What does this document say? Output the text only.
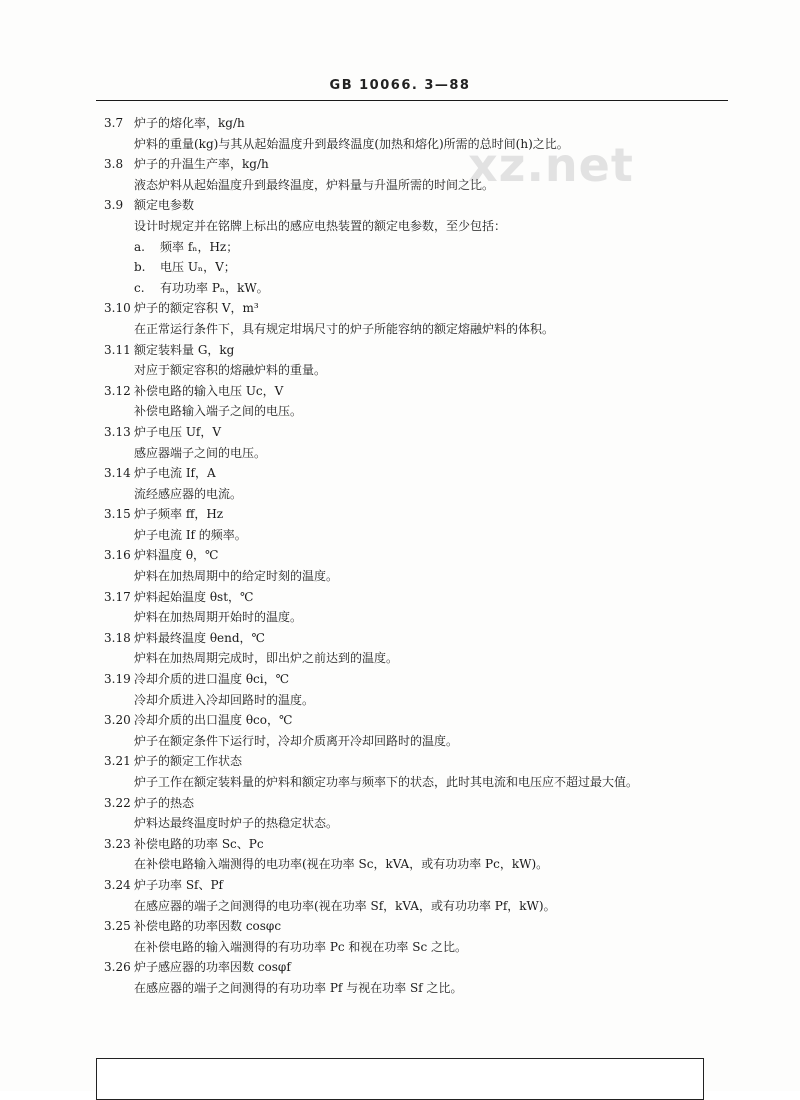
xz.net
GB 10066. 3—88
3.7 炉子的熔化率，kg/h
炉料的重量(kg)与其从起始温度升到最终温度(加热和熔化)所需的总时间(h)之比。
3.8 炉子的升温生产率，kg/h
液态炉料从起始温度升到最终温度，炉料量与升温所需的时间之比。
3.9 额定电参数
设计时规定并在铭牌上标出的感应电热装置的额定电参数，至少包括：
a. 频率 fₙ，Hz；
b. 电压 Uₙ，V；
c. 有功功率 Pₙ，kW。
3.10 炉子的额定容积 V，m³
在正常运行条件下，具有规定坩埚尺寸的炉子所能容纳的额定熔融炉料的体积。
3.11 额定装料量 G，kg
对应于额定容积的熔融炉料的重量。
3.12 补偿电路的输入电压 Uc，V
补偿电路输入端子之间的电压。
3.13 炉子电压 Uf，V
感应器端子之间的电压。
3.14 炉子电流 If，A
流经感应器的电流。
3.15 炉子频率 ff，Hz
炉子电流 If 的频率。
3.16 炉料温度 θ，℃
炉料在加热周期中的给定时刻的温度。
3.17 炉料起始温度 θst，℃
炉料在加热周期开始时的温度。
3.18 炉料最终温度 θend，℃
炉料在加热周期完成时，即出炉之前达到的温度。
3.19 冷却介质的进口温度 θci，℃
冷却介质进入冷却回路时的温度。
3.20 冷却介质的出口温度 θco，℃
炉子在额定条件下运行时，冷却介质离开冷却回路时的温度。
3.21 炉子的额定工作状态
炉子工作在额定装料量的炉料和额定功率与频率下的状态，此时其电流和电压应不超过最大值。
3.22 炉子的热态
炉料达最终温度时炉子的热稳定状态。
3.23 补偿电路的功率 Sc、Pc
在补偿电路输入端测得的电功率(视在功率 Sc，kVA，或有功功率 Pc，kW)。
3.24 炉子功率 Sf、Pf
在感应器的端子之间测得的电功率(视在功率 Sf，kVA，或有功功率 Pf，kW)。
3.25 补偿电路的功率因数 cosφc
在补偿电路的输入端测得的有功功率 Pc 和视在功率 Sc 之比。
3.26 炉子感应器的功率因数 cosφf
在感应器的端子之间测得的有功功率 Pf 与视在功率 Sf 之比。
